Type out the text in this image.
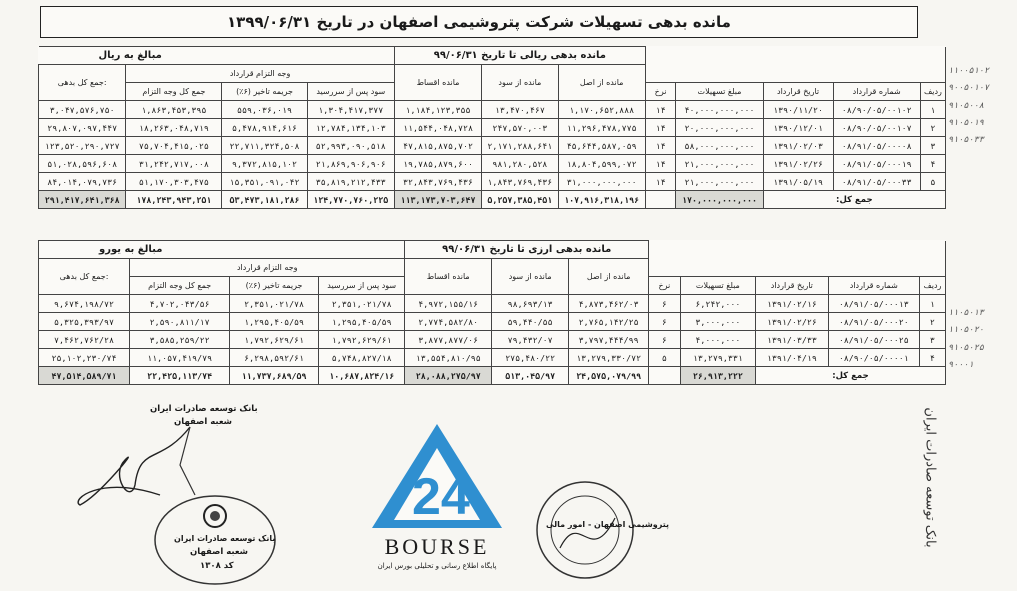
مانده بدهی تسهیلات شرکت پتروشیمی اصفهان در تاریخ ۱۳۹۹/۰۶/۳۱
مبالغ به ریال				مانده بدهی ریالی تا تاریخ ۹۹/۰۶/۳۱							
جمع کل بدهی:	وجه التزام قرارداد			مانده اقساط	مانده از سود	مانده از اصل					
	جمع کل وجه التزام	جریمه تاخیر (۶٪)	سود پس از سررسید				نرخ	مبلغ تسهیلات	تاریخ قرارداد	شماره قرارداد	ردیف
۳,۰۴۷,۵۷۶,۷۵۰	۱,۸۶۳,۴۵۳,۳۹۵	۵۵۹,۰۳۶,۰۱۹	۱,۳۰۴,۴۱۷,۳۷۷	۱,۱۸۴,۱۲۳,۳۵۵	۱۳,۴۷۰,۴۶۷	۱,۱۷۰,۶۵۲,۸۸۸	۱۴	۴۰,۰۰۰,۰۰۰,۰۰۰	۱۳۹۰/۱۱/۲۰	۰۸/۹۰/۰۵/۰۰۱۰۲	۱
۲۹,۸۰۷,۰۹۷,۴۴۷	۱۸,۲۶۳,۰۴۸,۷۱۹	۵,۴۷۸,۹۱۴,۶۱۶	۱۲,۷۸۴,۱۳۴,۱۰۳	۱۱,۵۴۴,۰۴۸,۷۲۸	۲۴۷,۵۷۰,۰۰۳	۱۱,۲۹۶,۴۷۸,۷۷۵	۱۴	۲۰,۰۰۰,۰۰۰,۰۰۰	۱۳۹۰/۱۲/۰۱	۰۸/۹۰/۰۵/۰۰۱۰۷	۲
۱۲۳,۵۲۰,۲۹۰,۷۲۷	۷۵,۷۰۴,۴۱۵,۰۲۵	۲۲,۷۱۱,۳۲۴,۵۰۸	۵۲,۹۹۳,۰۹۰,۵۱۸	۴۷,۸۱۵,۸۷۵,۷۰۲	۲,۱۷۱,۲۸۸,۶۴۱	۴۵,۶۴۴,۵۸۷,۰۵۹	۱۴	۵۸,۰۰۰,۰۰۰,۰۰۰	۱۳۹۱/۰۲/۰۳	۰۸/۹۱/۰۵/۰۰۰۰۸	۳
۵۱,۰۲۸,۵۹۶,۶۰۸	۳۱,۲۴۲,۷۱۷,۰۰۸	۹,۳۷۲,۸۱۵,۱۰۲	۲۱,۸۶۹,۹۰۶,۹۰۶	۱۹,۷۸۵,۸۷۹,۶۰۰	۹۸۱,۲۸۰,۵۲۸	۱۸,۸۰۴,۵۹۹,۰۷۲	۱۴	۲۱,۰۰۰,۰۰۰,۰۰۰	۱۳۹۱/۰۲/۲۶	۰۸/۹۱/۰۵/۰۰۰۱۹	۴
۸۴,۰۱۴,۰۷۹,۷۳۶	۵۱,۱۷۰,۳۰۳,۴۷۵	۱۵,۳۵۱,۰۹۱,۰۴۲	۳۵,۸۱۹,۲۱۲,۴۳۳	۳۲,۸۴۳,۷۶۹,۴۳۶	۱,۸۴۳,۷۶۹,۴۳۶	۳۱,۰۰۰,۰۰۰,۰۰۰	۱۴	۲۱,۰۰۰,۰۰۰,۰۰۰	۱۳۹۱/۰۵/۱۹	۰۸/۹۱/۰۵/۰۰۰۳۳	۵
۲۹۱,۴۱۷,۶۴۱,۳۶۸	۱۷۸,۲۴۳,۹۴۳,۲۵۱	۵۳,۴۷۳,۱۸۱,۲۸۶	۱۲۴,۷۷۰,۷۶۰,۲۲۵	۱۱۳,۱۷۳,۷۰۳,۶۴۷	۵,۲۵۷,۳۸۵,۴۵۱	۱۰۷,۹۱۶,۳۱۸,۱۹۶		۱۷۰,۰۰۰,۰۰۰,۰۰۰	جمع کل:		
مبالغ به یورو				مانده بدهی ارزی تا تاریخ ۹۹/۰۶/۳۱							
جمع کل بدهی:	وجه التزام قرارداد			مانده اقساط	مانده از سود	مانده از اصل					
	جمع کل وجه التزام	جریمه تاخیر (۶٪)	سود پس از سررسید				نرخ	مبلغ تسهیلات	تاریخ قرارداد	شماره قرارداد	ردیف
۹,۶۷۴,۱۹۸/۷۲	۴,۷۰۲,۰۴۳/۵۶	۲,۳۵۱,۰۲۱/۷۸	۲,۳۵۱,۰۲۱/۷۸	۴,۹۷۲,۱۵۵/۱۶	۹۸,۶۹۳/۱۳	۴,۸۷۳,۴۶۲/۰۳	۶	۶,۲۴۲,۰۰۰	۱۳۹۱/۰۲/۱۶	۰۸/۹۱/۰۵/۰۰۰۱۳	۱
۵,۳۲۵,۳۹۳/۹۷	۲,۵۹۰,۸۱۱/۱۷	۱,۲۹۵,۴۰۵/۵۹	۱,۲۹۵,۴۰۵/۵۹	۲,۷۷۴,۵۸۲/۸۰	۵۹,۴۴۰/۵۵	۲,۷۶۵,۱۴۲/۲۵	۶	۳,۰۰۰,۰۰۰	۱۳۹۱/۰۲/۲۶	۰۸/۹۱/۰۵/۰۰۰۲۰	۲
۷,۴۶۲,۷۶۲/۲۸	۳,۵۸۵,۲۵۹/۲۲	۱,۷۹۲,۶۲۹/۶۱	۱,۷۹۲,۶۲۹/۶۱	۳,۸۷۷,۸۷۷/۰۶	۷۹,۴۳۲/۰۷	۳,۷۹۷,۴۴۴/۹۹	۶	۴,۰۰۰,۰۰۰	۱۳۹۱/۰۳/۳۳	۰۸/۹۱/۰۵/۰۰۰۲۵	۳
۲۵,۱۰۲,۲۳۰/۷۴	۱۱,۰۵۷,۴۱۹/۷۹	۶,۲۹۸,۵۹۲/۶۱	۵,۷۴۸,۸۲۷/۱۸	۱۳,۵۵۴,۸۱۰/۹۵	۲۷۵,۴۸۰/۲۲	۱۳,۲۷۹,۳۳۰/۷۲	۵	۱۳,۲۷۹,۳۳۱	۱۳۹۱/۰۴/۱۹	۰۸/۹۰/۰۵/۰۰۰۰۱	۴
۴۷,۵۱۴,۵۸۹/۷۱	۲۲,۴۲۵,۱۱۳/۷۴	۱۱,۷۳۷,۶۸۹/۵۹	۱۰,۶۸۷,۸۲۴/۱۶	۲۸,۰۸۸,۲۷۵/۹۷	۵۱۳,۰۴۵/۹۷	۲۴,۵۷۵,۰۷۹/۹۹		۲۶,۹۱۳,۲۲۲	جمع کل:		
بانک توسعه صادرات ایران
شعبه اصفهان
بانک توسعه صادرات ایران
شعبه اصفهان
کد ۱۳۰۸
24
BOURSE
پایگاه اطلاع رسانی و تحلیلی بورس ایران
پتروشیمی اصفهان - امور مالی	بانک توسعه صادرات ایران
۱۱۰۰۵۱۰۲
۹۰۰۵۰۱۰۷
۹۱۰۵۰۰۸
۹۱۰۵۰۱۹
۹۱۰۵۰۳۳
۱۱۰۵۰۱۳
۱۱۰۵۰۲۰
۹۱۰۵۰۲۵
۹۰۰۰۱
